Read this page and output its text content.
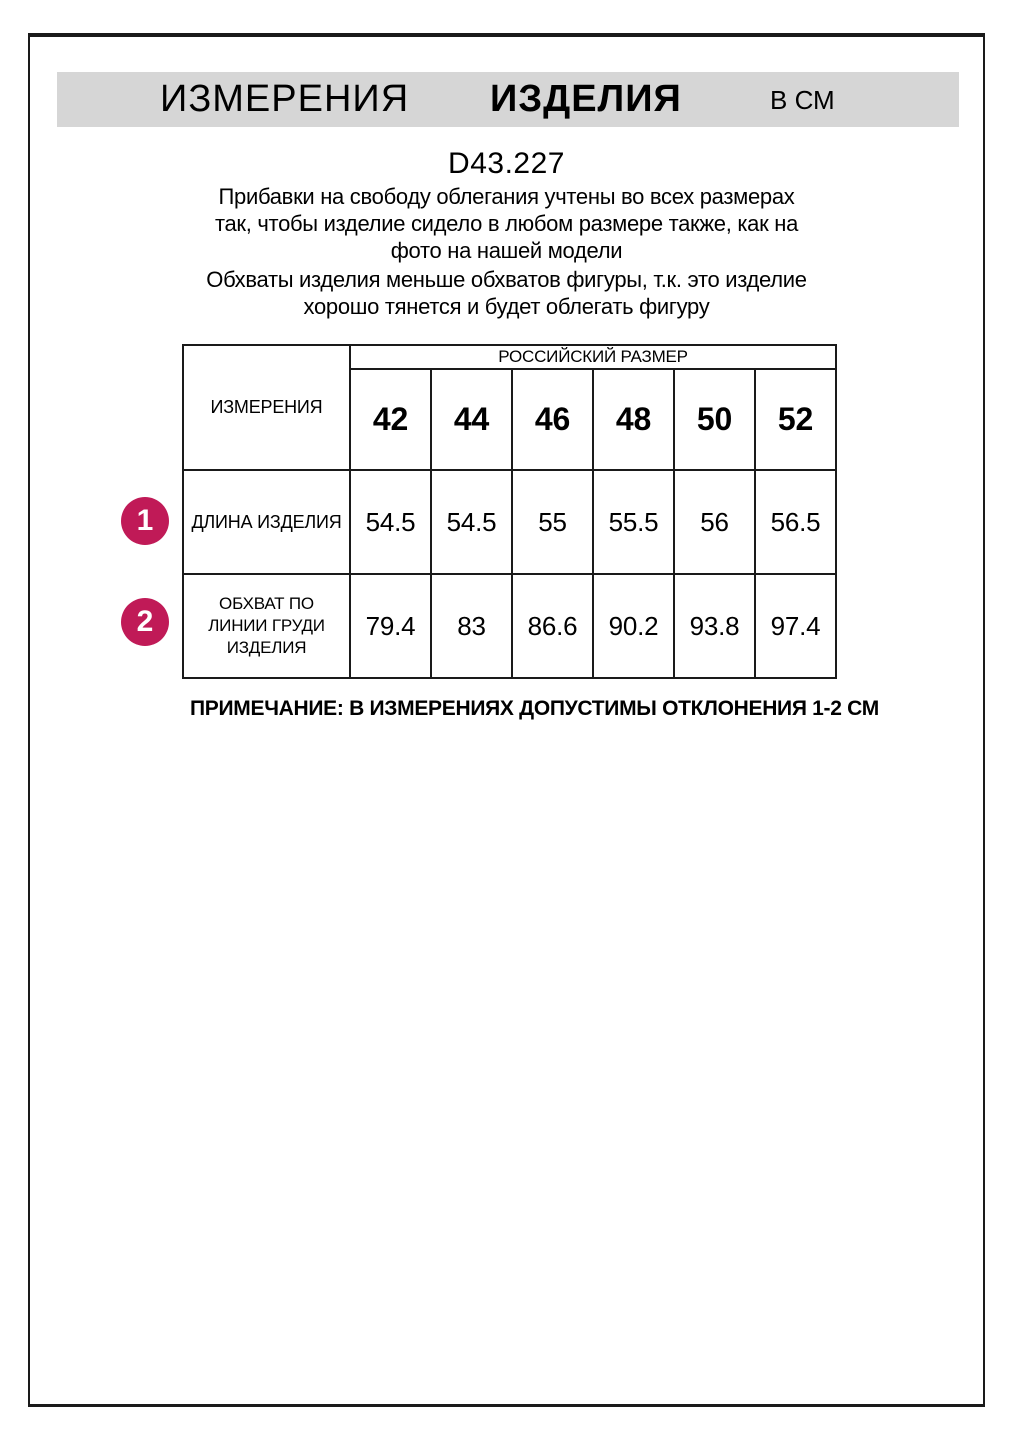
ИЗМЕРЕНИЯ ИЗДЕЛИЯ	В СМ
D43.227
Прибавки на свободу облегания учтены во всех размерах
так, чтобы изделие сидело в любом размере также, как на
фото на нашей модели
Обхваты изделия меньше обхватов фигуры, т.к. это изделие
хорошо тянется и будет облегать фигуру
ИЗМЕРЕНИЯ	РОССИЙСКИЙ РАЗМЕР					
	42	44	46	48	50	52
ДЛИНА ИЗДЕЛИЯ	54.5	54.5	55	55.5	56	56.5
ОБХВАТ ПО
ЛИНИИ ГРУДИ
ИЗДЕЛИЯ	79.4	83	86.6	90.2	93.8	97.4
1
2
ПРИМЕЧАНИЕ: В ИЗМЕРЕНИЯХ ДОПУСТИМЫ ОТКЛОНЕНИЯ 1-2 СМ
